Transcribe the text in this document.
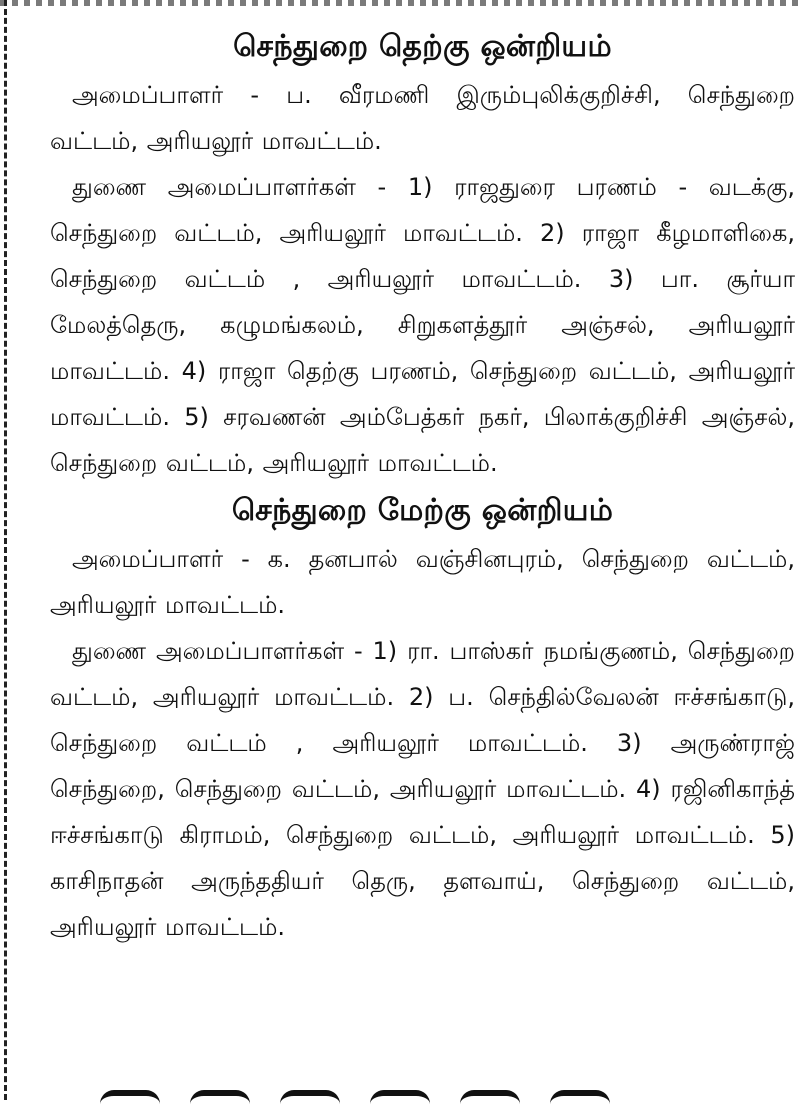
செந்துறை தெற்கு ஒன்றியம்

அமைப்பாளர் - ப. வீரமணி இரும்புலிக்குறிச்சி, செந்துறை வட்டம், அரியலூர் மாவட்டம்.

துணை அமைப்பாளர்கள் - 1) ராஜதுரை பரணம் - வடக்கு, செந்துறை வட்டம், அரியலூர் மாவட்டம். 2) ராஜா கீழமாளிகை, செந்துறை வட்டம் , அரியலூர் மாவட்டம். 3) பா. சூர்யா மேலத்தெரு, கழுமங்கலம், சிறுகளத்தூர் அஞ்சல், அரியலூர் மாவட்டம். 4) ராஜா தெற்கு பரணம், செந்துறை வட்டம், அரியலூர் மாவட்டம். 5) சரவணன் அம்பேத்கர் நகர், பிலாக்குறிச்சி அஞ்சல், செந்துறை வட்டம், அரியலூர் மாவட்டம்.

செந்துறை மேற்கு ஒன்றியம்

அமைப்பாளர் - க. தனபால் வஞ்சினபுரம், செந்துறை வட்டம், அரியலூர் மாவட்டம்.

துணை அமைப்பாளர்கள் - 1) ரா. பாஸ்கர் நமங்குணம், செந்துறை வட்டம், அரியலூர் மாவட்டம். 2) ப. செந்தில்வேலன் ஈச்சங்காடு, செந்துறை வட்டம் , அரியலூர் மாவட்டம். 3) அருண்ராஜ் செந்துறை, செந்துறை வட்டம், அரியலூர் மாவட்டம். 4) ரஜினிகாந்த் ஈச்சங்காடு கிராமம், செந்துறை வட்டம், அரியலூர் மாவட்டம். 5) காசிநாதன் அருந்ததியர் தெரு, தளவாய், செந்துறை வட்டம், அரியலூர் மாவட்டம்.
